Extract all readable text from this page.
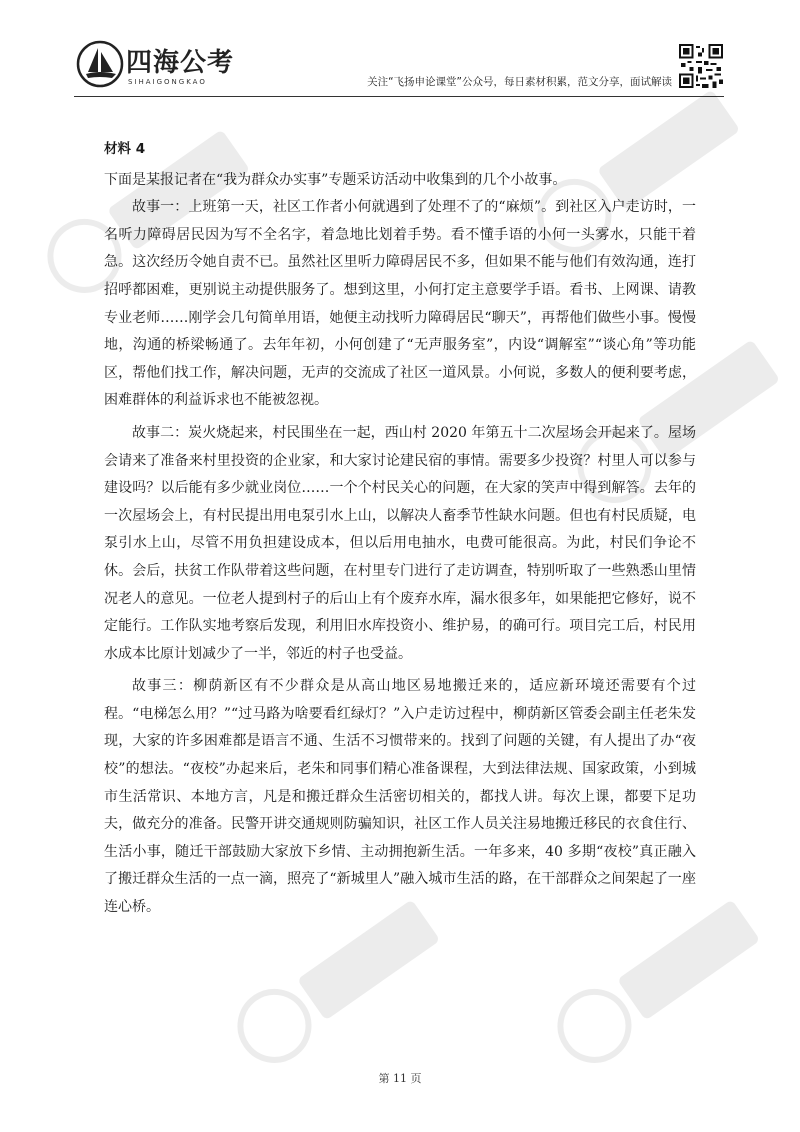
四海公考
SIHAIGONGKAO	关注“飞扬申论课堂”公众号，每日素材积累，范文分享，面试解读

材料 4

下面是某报记者在“我为群众办实事”专题采访活动中收集到的几个小故事。

故事一：上班第一天，社区工作者小何就遇到了处理不了的“麻烦”。到社区入户走访时，一名听力障碍居民因为写不全名字，着急地比划着手势。看不懂手语的小何一头雾水，只能干着急。这次经历令她自责不已。虽然社区里听力障碍居民不多，但如果不能与他们有效沟通，连打招呼都困难，更别说主动提供服务了。想到这里，小何打定主意要学手语。看书、上网课、请教专业老师……刚学会几句简单用语，她便主动找听力障碍居民“聊天”，再帮他们做些小事。慢慢地，沟通的桥梁畅通了。去年年初，小何创建了“无声服务室”，内设“调解室”“谈心角”等功能区，帮他们找工作，解决问题，无声的交流成了社区一道风景。小何说，多数人的便利要考虑，困难群体的利益诉求也不能被忽视。

故事二：炭火烧起来，村民围坐在一起，西山村 2020 年第五十二次屋场会开起来了。屋场会请来了准备来村里投资的企业家，和大家讨论建民宿的事情。需要多少投资？村里人可以参与建设吗？以后能有多少就业岗位……一个个村民关心的问题，在大家的笑声中得到解答。去年的一次屋场会上，有村民提出用电泵引水上山，以解决人畜季节性缺水问题。但也有村民质疑，电泵引水上山，尽管不用负担建设成本，但以后用电抽水，电费可能很高。为此，村民们争论不休。会后，扶贫工作队带着这些问题，在村里专门进行了走访调查，特别听取了一些熟悉山里情况老人的意见。一位老人提到村子的后山上有个废弃水库，漏水很多年，如果能把它修好，说不定能行。工作队实地考察后发现，利用旧水库投资小、维护易，的确可行。项目完工后，村民用水成本比原计划减少了一半，邻近的村子也受益。

故事三：柳荫新区有不少群众是从高山地区易地搬迁来的，适应新环境还需要有个过程。“电梯怎么用？”“过马路为啥要看红绿灯？”入户走访过程中，柳荫新区管委会副主任老朱发现，大家的许多困难都是语言不通、生活不习惯带来的。找到了问题的关键，有人提出了办“夜校”的想法。“夜校”办起来后，老朱和同事们精心准备课程，大到法律法规、国家政策，小到城市生活常识、本地方言，凡是和搬迁群众生活密切相关的，都找人讲。每次上课，都要下足功夫，做充分的准备。民警开讲交通规则防骗知识，社区工作人员关注易地搬迁移民的衣食住行、生活小事，随迁干部鼓励大家放下乡情、主动拥抱新生活。一年多来，40 多期“夜校”真正融入了搬迁群众生活的一点一滴，照亮了“新城里人”融入城市生活的路，在干部群众之间架起了一座连心桥。

第 11 页
